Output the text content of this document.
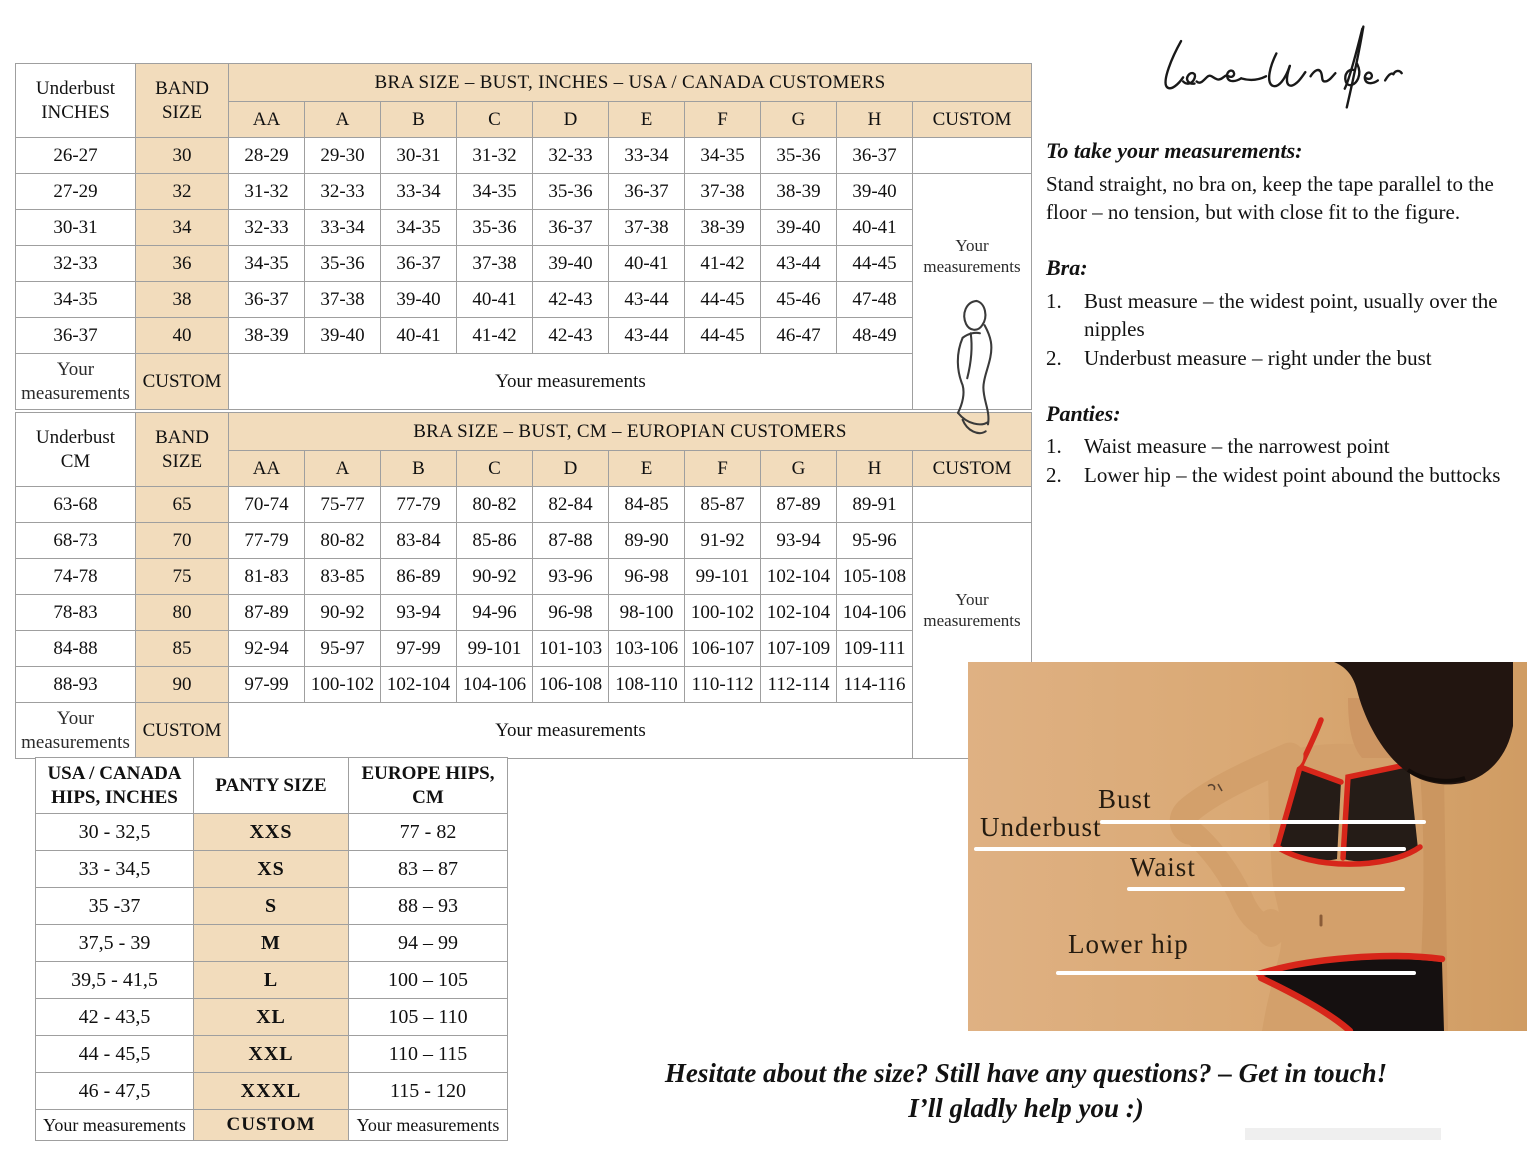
Underbust
INCHES	BAND
SIZE	BRA SIZE – BUST, INCHES – USA / CANADA CUSTOMERS									
		AA	A	B	C	D	E	F	G	H	CUSTOM
26-27	30	28-29	29-30	30-31	31-32	32-33	33-34	34-35	35-36	36-37	
27-29	32	31-32	32-33	33-34	34-35	35-36	36-37	37-38	38-39	39-40	Your
measurements

30-31	34	32-33	33-34	34-35	35-36	36-37	37-38	38-39	39-40	40-41	
32-33	36	34-35	35-36	36-37	37-38	39-40	40-41	41-42	43-44	44-45	
34-35	38	36-37	37-38	39-40	40-41	42-43	43-44	44-45	45-46	47-48	
36-37	40	38-39	39-40	40-41	41-42	42-43	43-44	44-45	46-47	48-49	
Your
measurements	CUSTOM	Your measurements									
Underbust
CM	BAND
SIZE	BRA SIZE – BUST, CM – EUROPIAN CUSTOMERS									
		AA	A	B	C	D	E	F	G	H	CUSTOM
63-68	65	70-74	75-77	77-79	80-82	82-84	84-85	85-87	87-89	89-91	
68-73	70	77-79	80-82	83-84	85-86	87-88	89-90	91-92	93-94	95-96	Your
measurements

74-78	75	81-83	83-85	86-89	90-92	93-96	96-98	99-101	102-104	105-108	
78-83	80	87-89	90-92	93-94	94-96	96-98	98-100	100-102	102-104	104-106	
84-88	85	92-94	95-97	97-99	99-101	101-103	103-106	106-107	107-109	109-111	
88-93	90	97-99	100-102	102-104	104-106	106-108	108-110	110-112	112-114	114-116	
Your
measurements	CUSTOM	Your measurements									
USA / CANADA
HIPS, INCHES	PANTY SIZE	EUROPE HIPS,
CM
30 - 32,5	XXS	77 - 82
33 - 34,5	XS	83 – 87
35 -37	S	88 – 93
37,5 - 39	M	94 – 99
39,5 - 41,5	L	100 – 105
42 - 43,5	XL	105 – 110
44 - 45,5	XXL	110 – 115
46 - 47,5	XXXL	115 - 120
Your measurements	CUSTOM	Your measurements

To take your measurements:

Stand straight, no bra on, keep the tape parallel to the floor – no tension, but with close fit to the figure.

Bra:

1.	Bust measure – the widest point, usually over the nipples
2.	Underbust measure – right under the bust

Panties:

1.	Waist measure – the narrowest point
2.	Lower hip – the widest point abound the buttocks
Bust
Underbust
Waist
Lower hip
Hesitate about the size? Still have any questions? – Get in touch!
I’ll gladly help you :)
